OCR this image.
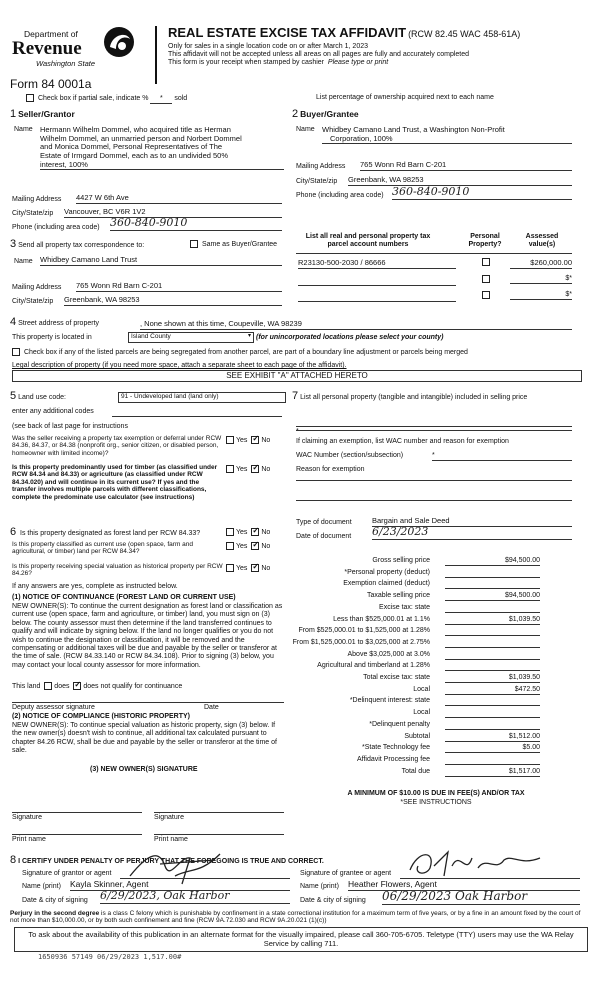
Department of
Revenue
Washington State
Form 84 0001a
REAL ESTATE EXCISE TAX AFFIDAVIT (RCW 82.45 WAC 458-61A)
Only for sales in a single location code on or after March 1, 2023
This affidavit will not be accepted unless all areas on all pages are fully and accurately completed
This form is your receipt when stamped by cashier Please type or print
Check box if partial sale, indicate % * sold	List percentage of ownership acquired next to each name
1 Seller/Grantor
Name Hermann Wilhelm Dommel, who acquired title as Herman
Wilhelm Dommel, an unmarried person and Norbert Dommel
and Monica Dommel, Personal Representatives of The
Estate of Irmgard Dommel, each as to an undivided 50%
interest, 100%
Mailing Address 4427 W 6th Ave
City/State/zip Vancouver, BC V6R 1V2
Phone (including area code) 360-840-9010
2 Buyer/Grantee
Name Whidbey Camano Land Trust, a Washington Non-Profit
Corporation, 100%
Mailing Address 765 Wonn Rd Barn C-201
City/State/zip Greenbank, WA 98253
Phone (including area code) 360-840-9010
3 Send all property tax correspondence to:	Same as Buyer/Grantee
Name Whidbey Camano Land Trust
Mailing Address 765 Wonn Rd Barn C-201
City/State/zip Greenbank, WA 98253
List all real and personal property tax parcel account numbers
Personal Property?
Assessed value(s)
R23130-500-2030 / 86666	$260,000.00
$*
$*
4 Street address of property	, None shown at this time, Coupeville, WA 98239
This property is located in	Island County	▾ (for unincorporated locations please select your county)
Check box if any of the listed parcels are being segregated from another parcel, are part of a boundary line adjustment or parcels being merged
Legal description of property (if you need more space, attach a separate sheet to each page of the affidavit).
SEE EXHIBIT "A" ATTACHED HERETO
5 Land use code:	91 - Undeveloped land (land only)
enter any additional codes
(see back of last page for instructions
Was the seller receiving a property tax exemption or deferral under RCW 84.36, 84.37, or 84.38 (nonprofit org., senior citizen, or disabled person, homeowner with limited income)?
Yes ✓ No
Is this property predominantly used for timber (as classified under RCW 84.34 and 84.33) or agriculture (as classified under RCW 84.34.020) and will continue in its current use? If yes and the transfer involves multiple parcels with different classifications, complete the predominate use calculator (see instructions)
Yes ✓ No
6 Is this property designated as forest land per RCW 84.33?	Yes ✓ No
Is this property classified as current use (open space, farm and agricultural, or timber) land per RCW 84.34?
Yes ✓ No
Is this property receiving special valuation as historical property per RCW 84.26?
Yes ✓ No
If any answers are yes, complete as instructed below.
(1) NOTICE OF CONTINUANCE (FOREST LAND OR CURRENT USE)
NEW OWNER(S): To continue the current designation as forest land or classification as current use (open space, farm and agriculture, or timber) land, you must sign on (3) below. The county assessor must then determine if the land transferred continues to qualify and will indicate by signing below. If the land no longer qualifies or you do not wish to continue the designation or classification, it will be removed and the compensating or additional taxes will be due and payable by the seller or transferor at the time of sale. (RCW 84.33.140 or RCW 84.34.108). Prior to signing (3) below, you may contact your local county assessor for more information.
This land does ✓ does not qualify for continuance
Deputy assessor signature	Date
(2) NOTICE OF COMPLIANCE (HISTORIC PROPERTY)
NEW OWNER(S): To continue special valuation as historic property, sign (3) below. If the new owner(s) doesn't wish to continue, all additional tax calculated pursuant to chapter 84.26 RCW, shall be due and payable by the seller or transferor at the time of sale.
(3) NEW OWNER(S) SIGNATURE
Signature	Signature
Print name	Print name
7 List all personal property (tangible and intangible) included in selling price
*
If claiming an exemption, list WAC number and reason for exemption
WAC Number (section/subsection)	*
Reason for exemption
Type of document	Bargain and Sale Deed
Date of document 6/23/2023
Gross selling price	$94,500.00
*Personal property (deduct)

Exemption claimed (deduct)

Taxable selling price	$94,500.00
Excise tax: state

Less than $525,000.01 at 1.1%	$1,039.50
From $525,000.01 to $1,525,000 at 1.28%

From $1,525,000.01 to $3,025,000 at 2.75%

Above $3,025,000 at 3.0%

Agricultural and timberland at 1.28%

Total excise tax: state	$1,039.50
Local	$472.50
*Delinquent interest: state

Local

*Delinquent penalty

Subtotal	$1,512.00
*State Technology fee	$5.00
Affidavit Processing fee

Total due	$1,517.00
A MINIMUM OF $10.00 IS DUE IN FEE(S) AND/OR TAX
*SEE INSTRUCTIONS
8 I CERTIFY UNDER PENALTY OF PERJURY THAT THE FOREGOING IS TRUE AND CORRECT.
Signature of grantor or agent	Signature of grantee or agent
Name (print) Kayla Skinner, Agent	Name (print) Heather Flowers, Agent
Date & city of signing 6/29/2023, Oak Harbor	Date & city of signing 06/29/2023 Oak Harbor
Perjury in the second degree is a class C felony which is punishable by confinement in a state correctional institution for a maximum term of five years, or by a fine in an amount fixed by the court of not more than $10,000.00, or by both such confinement and fine (RCW 9A.72.030 and RCW 9A.20.021 (1)(c))
To ask about the availability of this publication in an alternate format for the visually impaired, please call 360-705-6705. Teletype (TTY) users may use the WA Relay Service by calling 711.
1650936 57149 06/29/2023 1,517.00#
